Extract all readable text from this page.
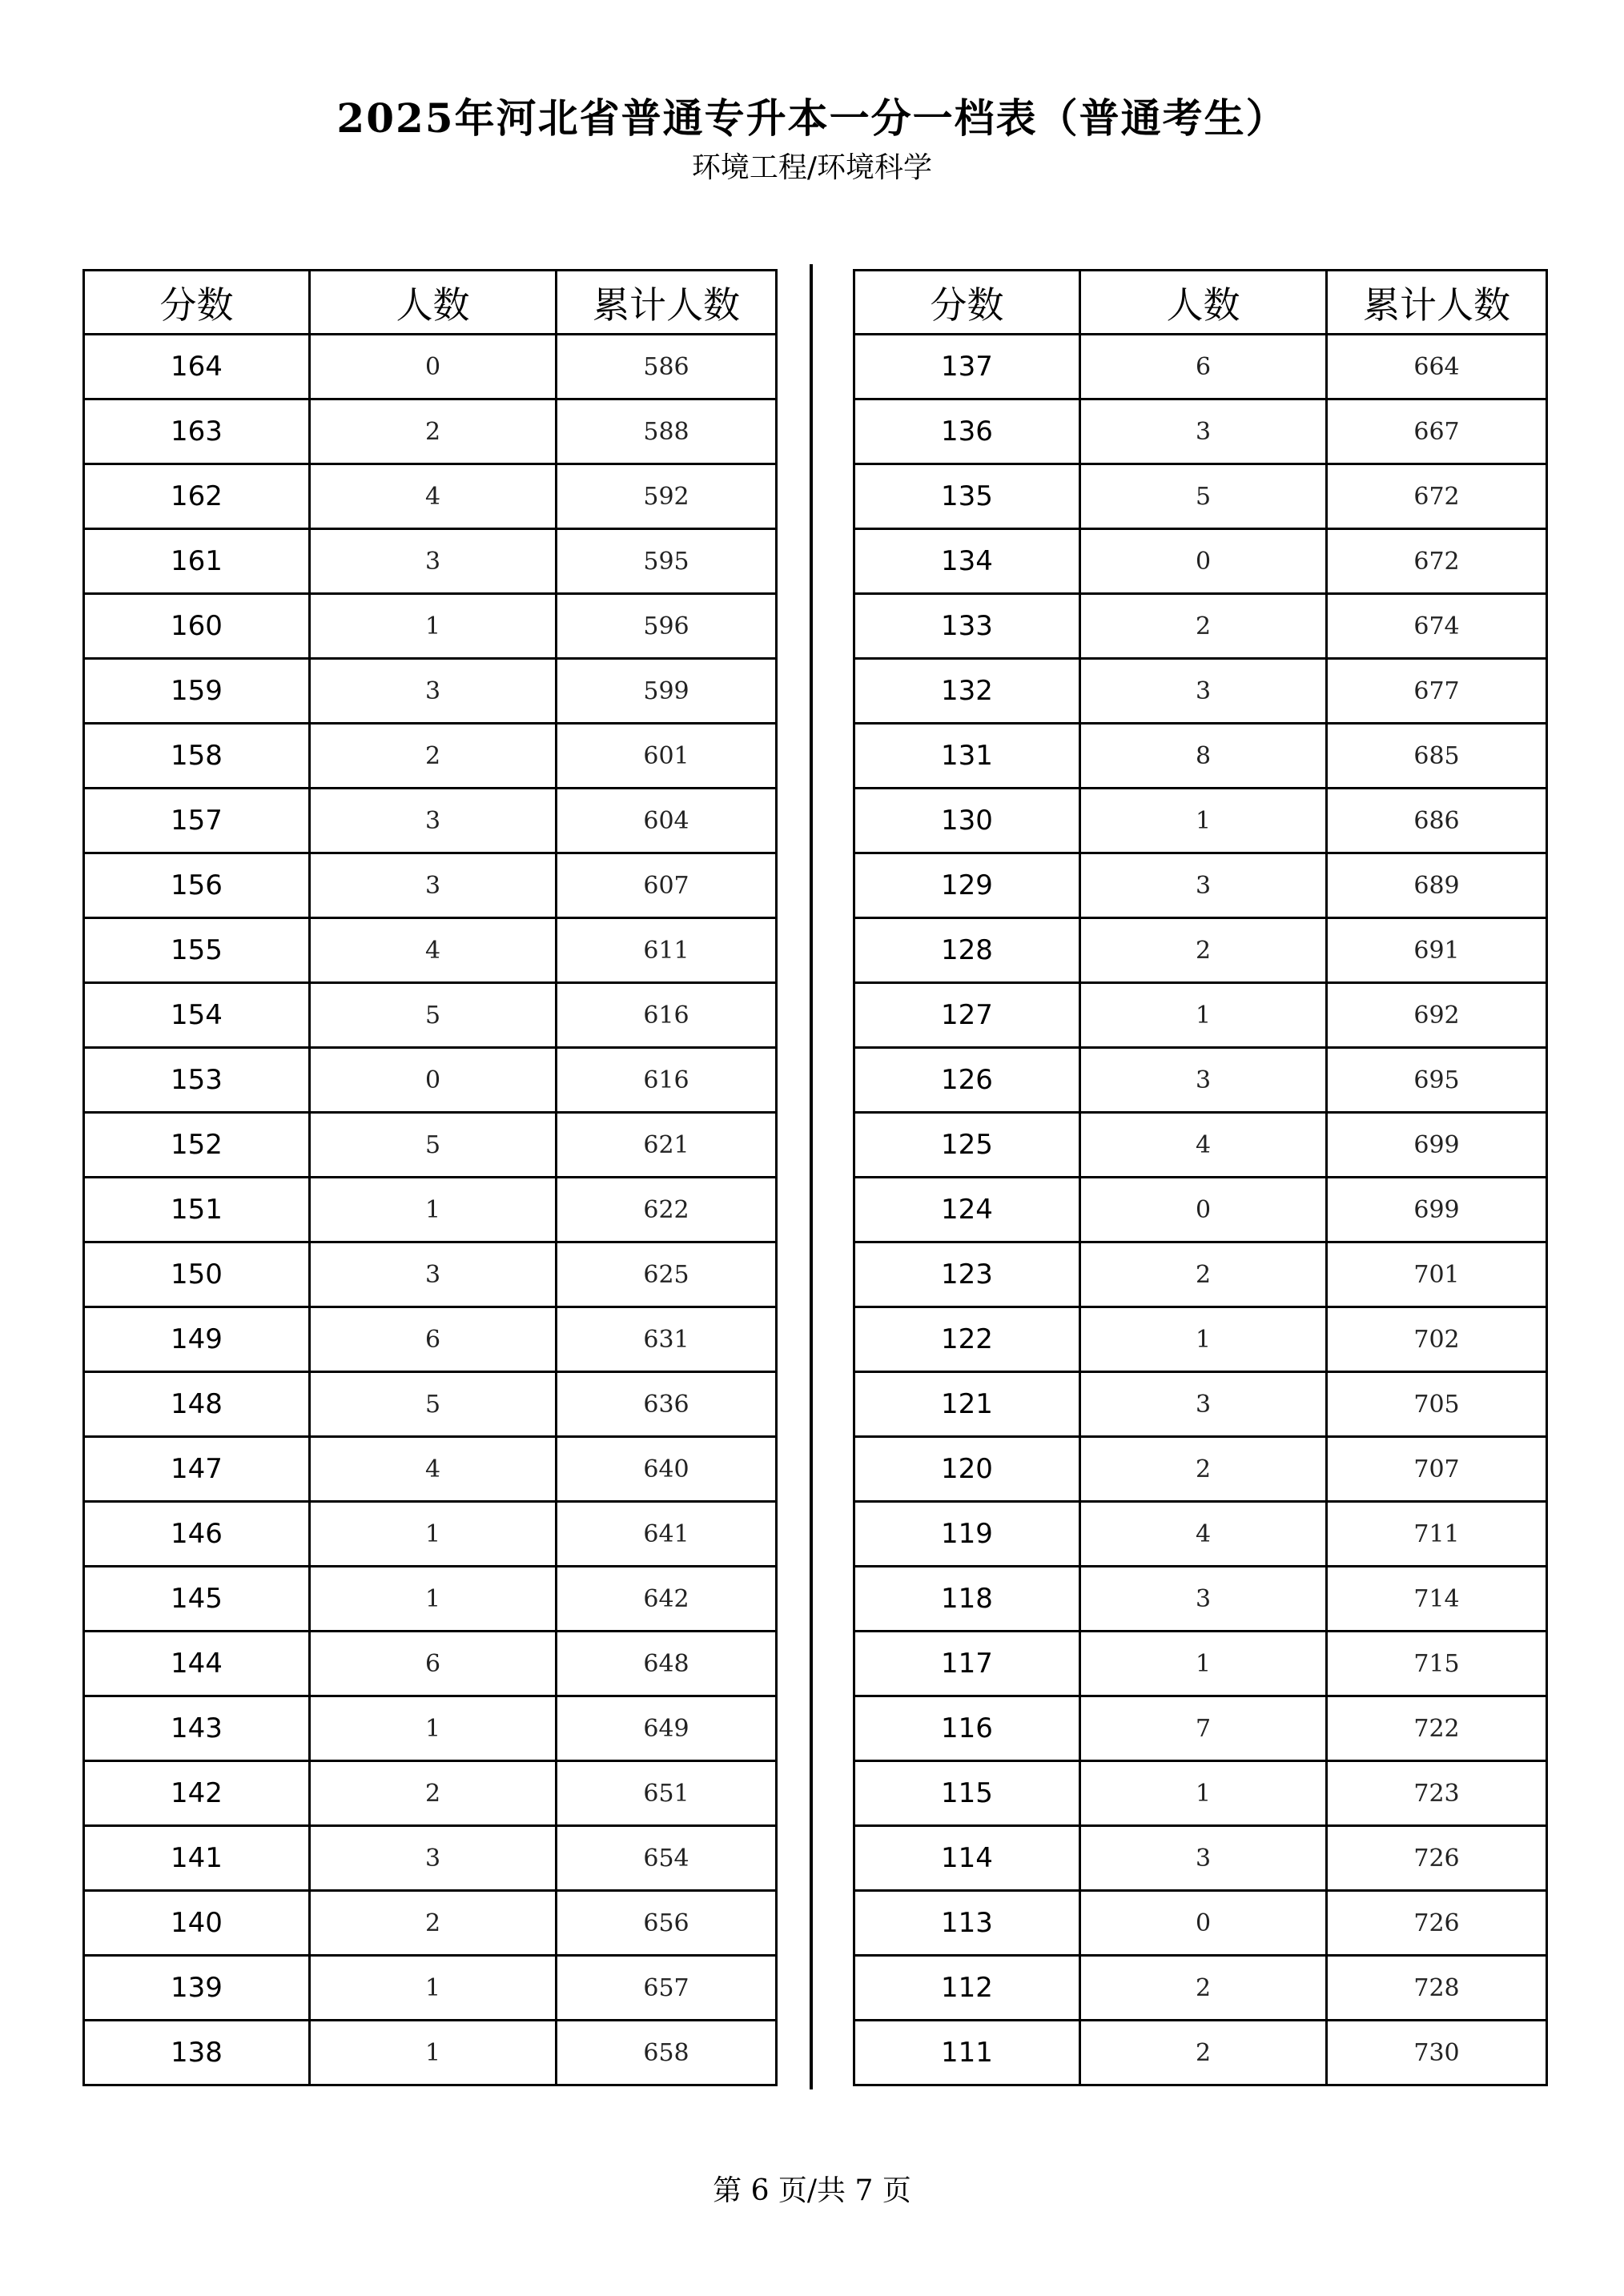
2025年河北省普通专升本一分一档表（普通考生）
环境工程/环境科学
分数	人数	累计人数
164	0	586
163	2	588
162	4	592
161	3	595
160	1	596
159	3	599
158	2	601
157	3	604
156	3	607
155	4	611
154	5	616
153	0	616
152	5	621
151	1	622
150	3	625
149	6	631
148	5	636
147	4	640
146	1	641
145	1	642
144	6	648
143	1	649
142	2	651
141	3	654
140	2	656
139	1	657
138	1	658
分数	人数	累计人数
137	6	664
136	3	667
135	5	672
134	0	672
133	2	674
132	3	677
131	8	685
130	1	686
129	3	689
128	2	691
127	1	692
126	3	695
125	4	699
124	0	699
123	2	701
122	1	702
121	3	705
120	2	707
119	4	711
118	3	714
117	1	715
116	7	722
115	1	723
114	3	726
113	0	726
112	2	728
111	2	730
第 6 页/共 7 页
